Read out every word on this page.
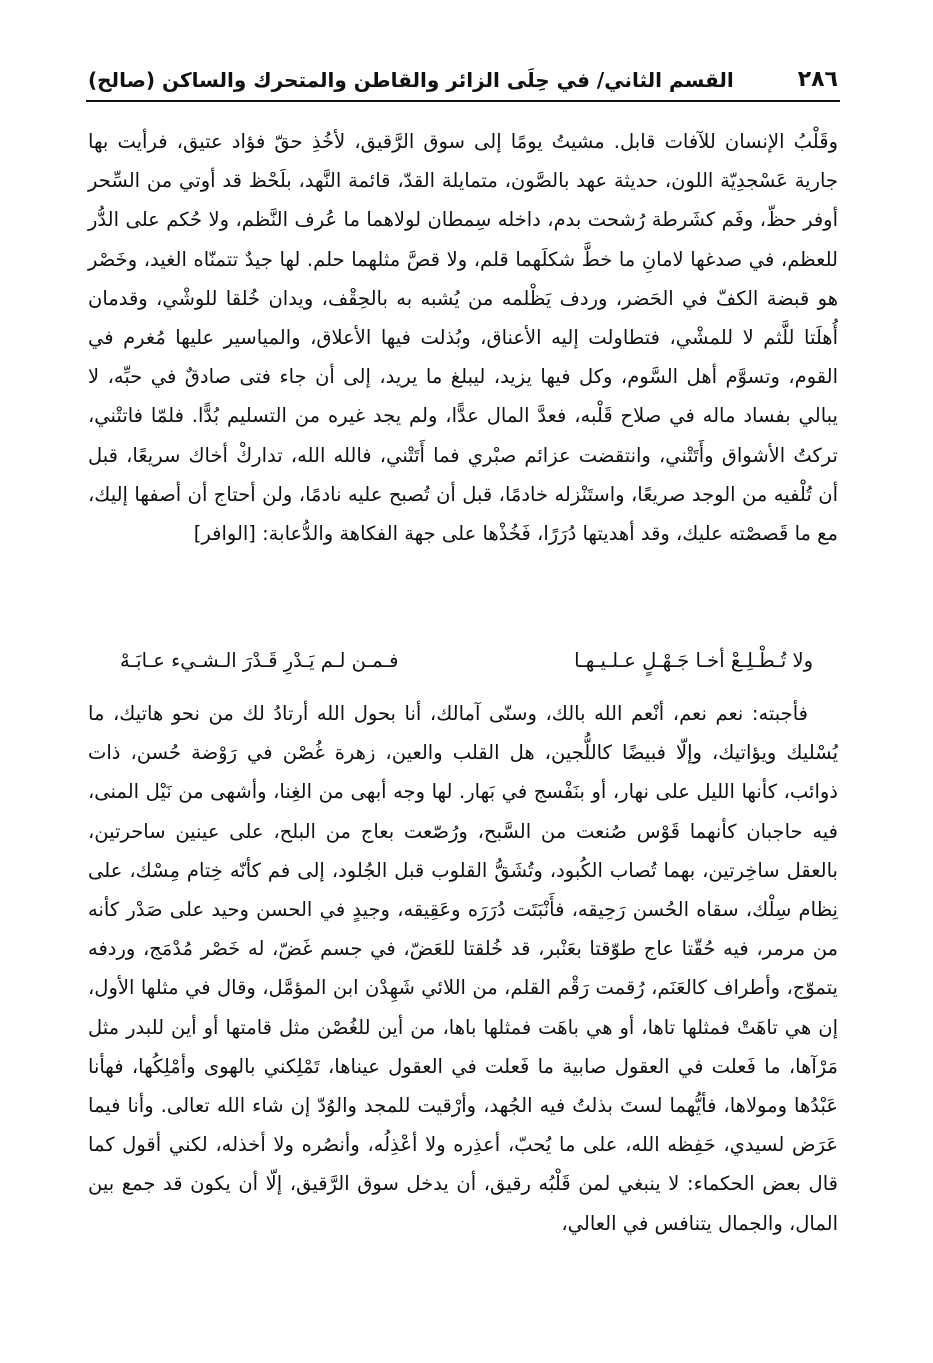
٢٨٦
القسم الثاني/ في حِلَى الزائر والقاطن والمتحرك والساكن (صالح)

وقَلْبُ الإنسان للآفات قابل. مشيتُ يومًا إلى سوق الرَّقيق، لأخُذِ حقّ فؤاد عتيق، فرأيت بها جارية عَسْجدِيّة اللون، حديثة عهد بالصَّون، متمايلة القدّ، قائمة النَّهد، بلَحْظ قد أوتي من السِّحر أوفر حظّ، وفَم كشَرطة رُشحت بدم، داخله سِمطان لولاهما ما عُرف النَّظم، ولا حُكم على الدُّر للعظم، في صدغها لامانِ ما خطَّ شكلَهما قلم، ولا قصَّ مثلهما حلم. لها جيدٌ تتمنّاه الغيد، وخَصْر هو قبضة الكفّ في الحَضر، وردف يَظْلمه من يُشبه به بالحِقْف، ويدان خُلقا للوشْي، وقدمان أُهلَتا للَّثم لا للمشْي، فتطاولت إليه الأعناق، وبُذلت فيها الأعلاق، والمياسير عليها مُغرم في القوم، وتسوَّم أهل السَّوم، وكل فيها يزيد، ليبلغ ما يريد، إلى أن جاء فتى صادقٌ في حبِّه، لا يبالي بفساد ماله في صلاح قَلْبه، فعدَّ المال عدًّا، ولم يجد غيره من التسليم بُدًّا. فلمّا فاتتْني، تركتُ الأشواق وأَتَتْني، وانتقضت عزائم صبْري فما أَتَتْني، فالله الله، تداركْ أخاك سريعًا، قبل أن تُلْفيه من الوجد صريعًا، واستَنْزله خادمًا، قبل أن تُصبح عليه نادمًا، ولن أحتاج أن أصفها إليك، مع ما قَصصْته عليك، وقد أهديتها دُرَرًا، فَخُذْها على جهة الفكاهة والدُّعابة: [الوافر]

ولا تُـطْـلِـعْ أخـا جَـهْـلٍ عـلـيـهـا
فـمـن لـم يَـدْرِ قَـدْرَ الـشـيء عـابَـهْ

فأجبته: نعم نعم، أنْعم الله بالك، وسنّى آمالك، أنا بحول الله أرتادُ لك من نحو هاتيك، ما يُسْليك ويؤاتيك، وإلّا فبيضًا كاللُّجين، هل القلب والعين، زهرة غُصْن في رَوْضة حُسن، ذات ذوائب، كأنها الليل على نهار، أو بنَفْسج في بَهار. لها وجه أبهى من الغِنا، وأشهى من نَيْل المنى، فيه حاجبان كأنهما قَوْس صُنعت من السَّبح، ورُصّعت بعاج من البلح، على عينين ساحرتين، بالعقل ساخِرتين، بهما تُصاب الكُبود، وتُشَقُّ القلوب قبل الجُلود، إلى فم كأنّه خِتام مِسْك، على نِظام سِلْك، سقاه الحُسن رَحِيقه، فأَنْبَتَت دُرَرَه وعَقِيقه، وجيدٍ في الحسن وحيد على صَدْر كأنه من مرمر، فيه حُقّتا عاج طوّقتا بعَنْبر، قد خُلقتا للعَضّ، في جسم غَضّ، له خَصْر مُدْمَج، وردفه يتموّج، وأطراف كالعَنَم، رُقمت رَقْم القلم، من اللائي شَهِدْن ابن المؤمَّل، وقال في مثلها الأول، إن هي تاهَتْ فمثلها تاها، أو هي باهَت فمثلها باها، من أين للغُصْن مثل قامتها أو أين للبدر مثل مَرْآها، ما فَعلت في العقول صابية ما فَعلت في العقول عيناها، تَمْلِكني بالهوى وأمْلِكُها، فهأنا عَبْدُها ومولاها، فأيُّهما لستَ بذلتُ فيه الجُهد، وأرْقيت للمجد والوُدّ إن شاء الله تعالى. وأنا فيما عَرَض لسيدي، حَفِظه الله، على ما يُحبّ، أعذِره ولا أعْذِلُه، وأنصُره ولا أخذله، لكني أقول كما قال بعض الحكماء: لا ينبغي لمن قَلْبُه رقيق، أن يدخل سوق الرَّقيق، إلّا أن يكون قد جمع بين المال، والجمال يتنافس في العالي،
